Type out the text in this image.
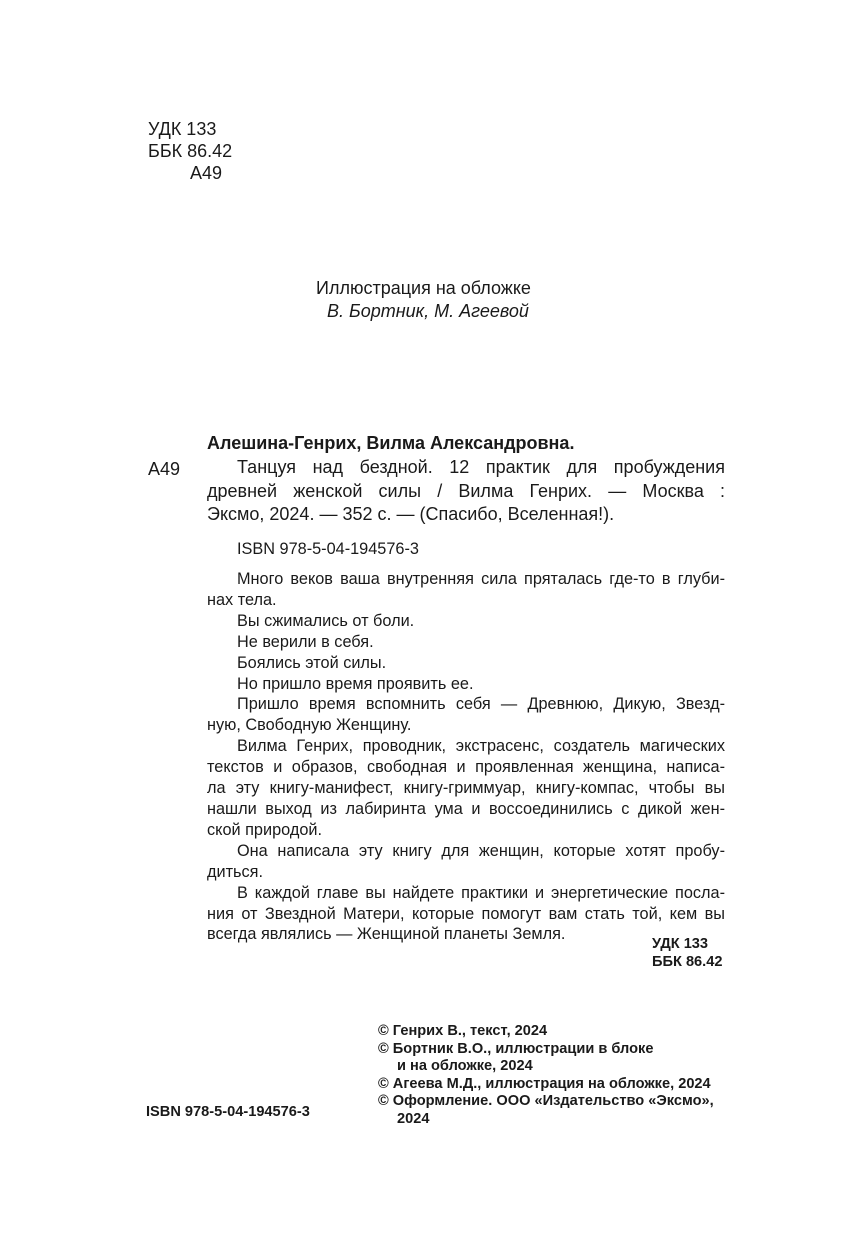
УДК 133
ББК 86.42
А49
Иллюстрация на обложке
В. Бортник, М. Агеевой
Алешина-Генрих, Вилма Александровна.
А49	Танцуя над бездной. 12 практик для пробуждения
древней женской силы / Вилма Генрих. — Москва :
Эксмо, 2024. — 352 с. — (Спасибо, Вселенная!).
ISBN 978-5-04-194576-3
Много веков ваша внутренняя сила пряталась где-то в глуби-
нах тела.
Вы сжимались от боли.
Не верили в себя.
Боялись этой силы.
Но пришло время проявить ее.
Пришло время вспомнить себя — Древнюю, Дикую, Звезд-
ную, Свободную Женщину.
Вилма Генрих, проводник, экстрасенс, создатель магических
текстов и образов, свободная и проявленная женщина, написа-
ла эту книгу-манифест, книгу-гриммуар, книгу-компас, чтобы вы
нашли выход из лабиринта ума и воссоединились с дикой жен-
ской природой.
Она написала эту книгу для женщин, которые хотят пробу-
диться.
В каждой главе вы найдете практики и энергетические посла-
ния от Звездной Матери, которые помогут вам стать той, кем вы
всегда являлись — Женщиной планеты Земля.
УДК 133
ББК 86.42
© Генрих В., текст, 2024
© Бортник В.О., иллюстрации в блоке
и на обложке, 2024
© Агеева М.Д., иллюстрация на обложке, 2024
© Оформление. ООО «Издательство «Эксмо»,
2024
ISBN 978-5-04-194576-3
